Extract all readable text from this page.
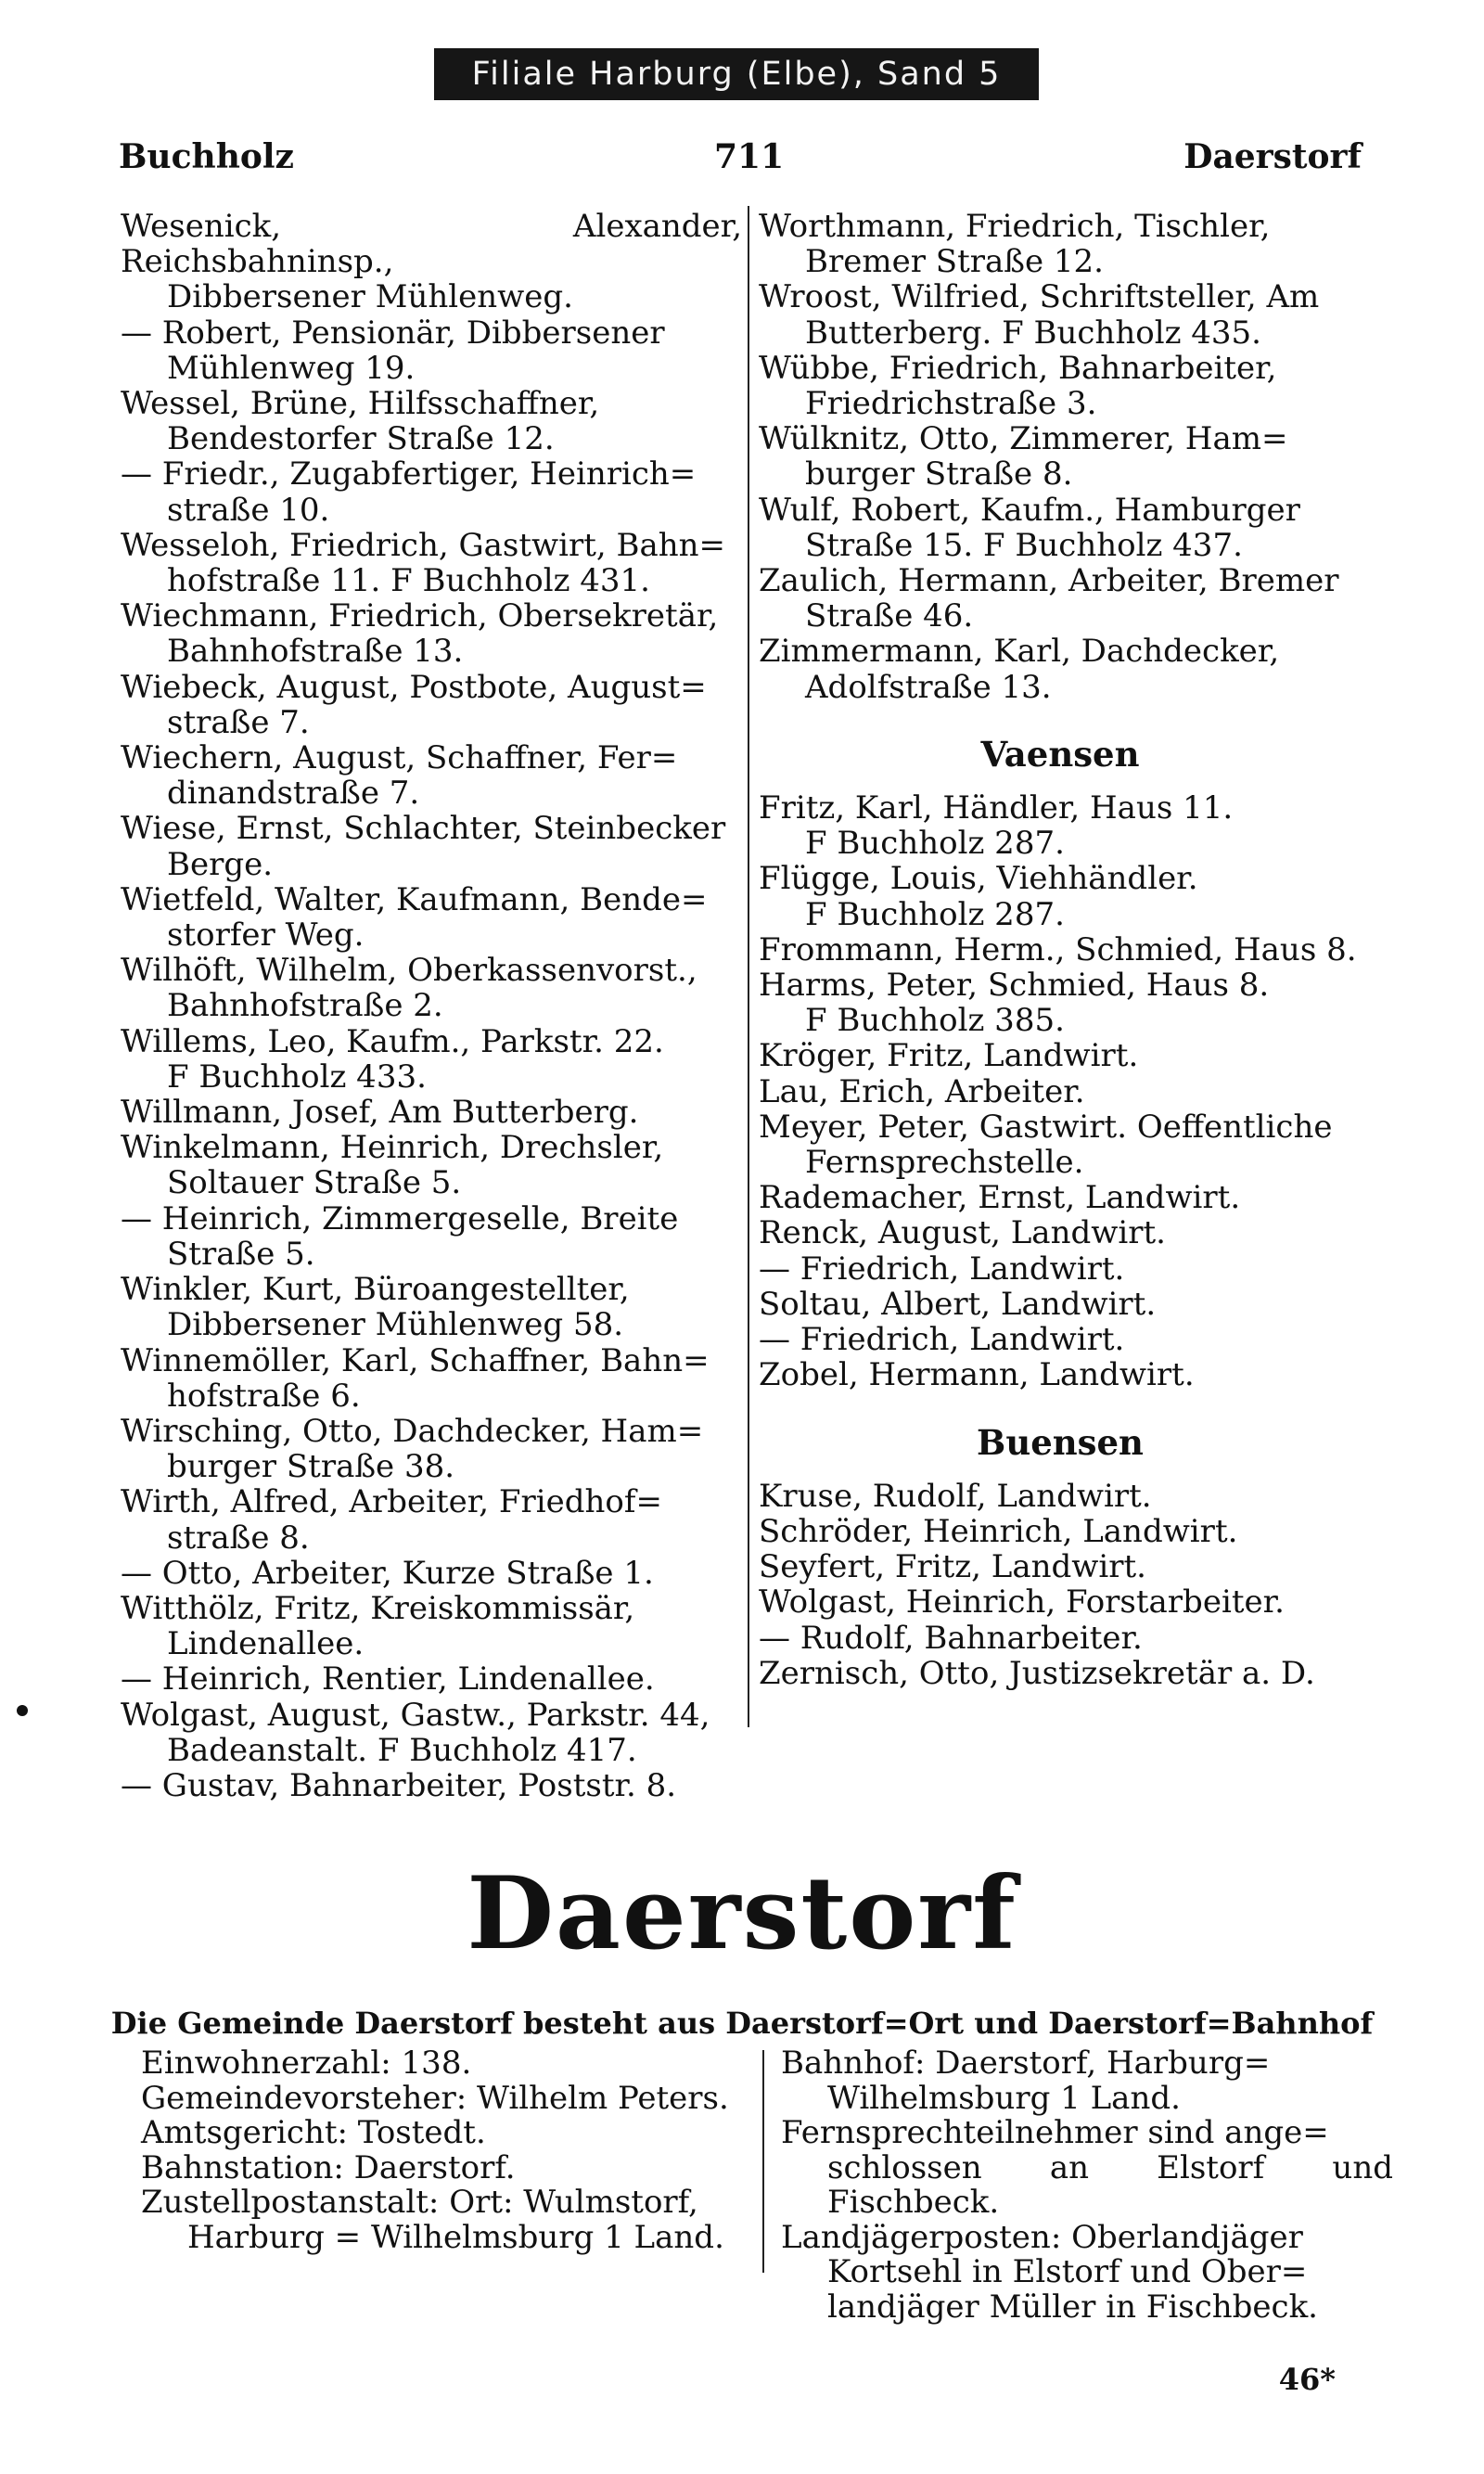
Filiale Harburg (Elbe), Sand 5
Buchholz	711	Daerstorf
Wesenick, Alexander, Reichsbahninsp.,
Dibbersener Mühlenweg.
— Robert, Pensionär, Dibbersener
Mühlenweg 19.
Wessel, Brüne, Hilfsschaffner,
Bendestorfer Straße 12.
— Friedr., Zugabfertiger, Heinrich=
straße 10.
Wesseloh, Friedrich, Gastwirt, Bahn=
hofstraße 11. F Buchholz 431.
Wiechmann, Friedrich, Obersekretär,
Bahnhofstraße 13.
Wiebeck, August, Postbote, August=
straße 7.
Wiechern, August, Schaffner, Fer=
dinandstraße 7.
Wiese, Ernst, Schlachter, Steinbecker
Berge.
Wietfeld, Walter, Kaufmann, Bende=
storfer Weg.
Wilhöft, Wilhelm, Oberkassenvorst.,
Bahnhofstraße 2.
Willems, Leo, Kaufm., Parkstr. 22.
F Buchholz 433.
Willmann, Josef, Am Butterberg.
Winkelmann, Heinrich, Drechsler,
Soltauer Straße 5.
— Heinrich, Zimmergeselle, Breite
Straße 5.
Winkler, Kurt, Büroangestellter,
Dibbersener Mühlenweg 58.
Winnemöller, Karl, Schaffner, Bahn=
hofstraße 6.
Wirsching, Otto, Dachdecker, Ham=
burger Straße 38.
Wirth, Alfred, Arbeiter, Friedhof=
straße 8.
— Otto, Arbeiter, Kurze Straße 1.
Witthölz, Fritz, Kreiskommissär,
Lindenallee.
— Heinrich, Rentier, Lindenallee.
Wolgast, August, Gastw., Parkstr. 44,
Badeanstalt. F Buchholz 417.
— Gustav, Bahnarbeiter, Poststr. 8.
Worthmann, Friedrich, Tischler,
Bremer Straße 12.
Wroost, Wilfried, Schriftsteller, Am
Butterberg. F Buchholz 435.
Wübbe, Friedrich, Bahnarbeiter,
Friedrichstraße 3.
Wülknitz, Otto, Zimmerer, Ham=
burger Straße 8.
Wulf, Robert, Kaufm., Hamburger
Straße 15. F Buchholz 437.
Zaulich, Hermann, Arbeiter, Bremer
Straße 46.
Zimmermann, Karl, Dachdecker,
Adolfstraße 13.
Vaensen
Fritz, Karl, Händler, Haus 11.
F Buchholz 287.
Flügge, Louis, Viehhändler.
F Buchholz 287.
Frommann, Herm., Schmied, Haus 8.
Harms, Peter, Schmied, Haus 8.
F Buchholz 385.
Kröger, Fritz, Landwirt.
Lau, Erich, Arbeiter.
Meyer, Peter, Gastwirt. Oeffentliche
Fernsprechstelle.
Rademacher, Ernst, Landwirt.
Renck, August, Landwirt.
— Friedrich, Landwirt.
Soltau, Albert, Landwirt.
— Friedrich, Landwirt.
Zobel, Hermann, Landwirt.
Buensen
Kruse, Rudolf, Landwirt.
Schröder, Heinrich, Landwirt.
Seyfert, Fritz, Landwirt.
Wolgast, Heinrich, Forstarbeiter.
— Rudolf, Bahnarbeiter.
Zernisch, Otto, Justizsekretär a. D.
Daerstorf
Die Gemeinde Daerstorf besteht aus Daerstorf=Ort und Daerstorf=Bahnhof
Einwohnerzahl: 138.
Gemeindevorsteher: Wilhelm Peters.
Amtsgericht: Tostedt.
Bahnstation: Daerstorf.
Zustellpostanstalt: Ort: Wulmstorf,
Harburg = Wilhelmsburg 1 Land.
Bahnhof: Daerstorf, Harburg=
Wilhelmsburg 1 Land.
Fernsprechteilnehmer sind ange=
schlossen an Elstorf und Fischbeck.
Landjägerposten: Oberlandjäger
Kortsehl in Elstorf und Ober=
landjäger Müller in Fischbeck.
46*
